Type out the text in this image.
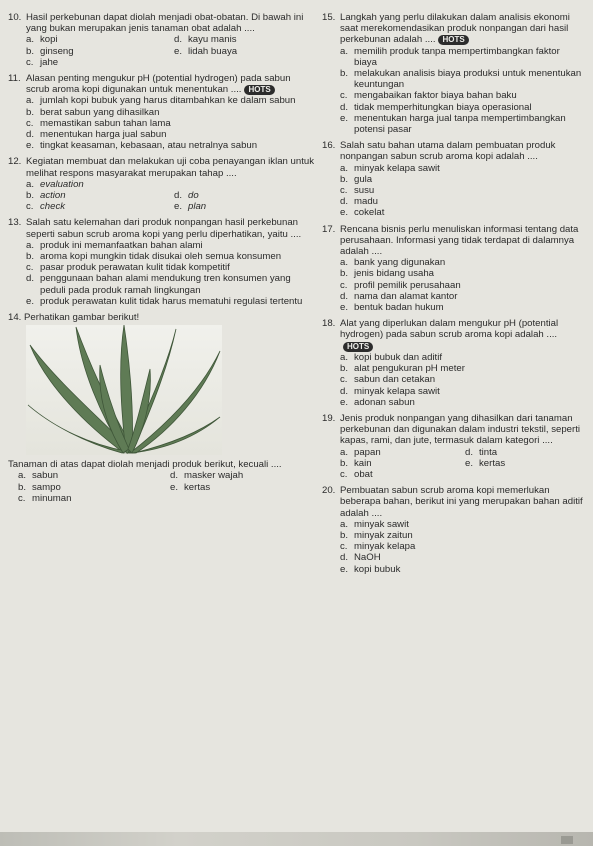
10. Hasil perkebunan dapat diolah menjadi obat-obatan. Di bawah ini yang bukan merupakan jenis tanaman obat adalah ....

a. kopi	d. kayu manis
b. ginseng	e. lidah buaya
c. jahe
11. Alasan penting mengukur pH (potential hydrogen) pada sabun scrub aroma kopi digunakan untuk menentukan .... HOTS

a. jumlah kopi bubuk yang harus ditambahkan ke dalam sabun
b. berat sabun yang dihasilkan
c. memastikan sabun tahan lama
d. menentukan harga jual sabun
e. tingkat keasaman, kebasaan, atau netralnya sabun
12. Kegiatan membuat dan melakukan uji coba penayangan iklan untuk melihat respons masyarakat merupakan tahap ....

a. evaluation
b. action	d. do
c. check	e. plan
13. Salah satu kelemahan dari produk nonpangan hasil perkebunan seperti sabun scrub aroma kopi yang perlu diperhatikan, yaitu ....

a. produk ini memanfaatkan bahan alami
b. aroma kopi mungkin tidak disukai oleh semua konsumen
c. pasar produk perawatan kulit tidak kompetitif
d. penggunaan bahan alami mendukung tren konsumen yang peduli pada produk ramah lingkungan
e. produk perawatan kulit tidak harus mematuhi regulasi tertentu

14. Perhatikan gambar berikut!

Tanaman di atas dapat diolah menjadi produk berikut, kecuali ....

a. sabun	d. masker wajah
b. sampo	e. kertas
c. minuman
15. Langkah yang perlu dilakukan dalam analisis ekonomi saat merekomendasikan produk nonpangan dari hasil perkebunan adalah .... HOTS

a. memilih produk tanpa mempertimbangkan faktor biaya
b. melakukan analisis biaya produksi untuk menentukan keuntungan
c. mengabaikan faktor biaya bahan baku
d. tidak memperhitungkan biaya operasional
e. menentukan harga jual tanpa mempertimbangkan potensi pasar
16. Salah satu bahan utama dalam pembuatan produk nonpangan sabun scrub aroma kopi adalah ....

a. minyak kelapa sawit
b. gula
c. susu
d. madu
e. cokelat
17. Rencana bisnis perlu menuliskan informasi tentang data perusahaan. Informasi yang tidak terdapat di dalamnya adalah ....

a. bank yang digunakan
b. jenis bidang usaha
c. profil pemilik perusahaan
d. nama dan alamat kantor
e. bentuk badan hukum
18. Alat yang diperlukan dalam mengukur pH (potential hydrogen) pada sabun scrub aroma kopi adalah ....HOTS

a. kopi bubuk dan aditif
b. alat pengukuran pH meter
c. sabun dan cetakan
d. minyak kelapa sawit
e. adonan sabun
19. Jenis produk nonpangan yang dihasilkan dari tanaman perkebunan dan digunakan dalam industri tekstil, seperti kapas, rami, dan jute, termasuk dalam kategori ....

a. papan	d. tinta
b. kain	e. kertas
c. obat
20. Pembuatan sabun scrub aroma kopi memerlukan beberapa bahan, berikut ini yang merupakan bahan aditif adalah ....

a. minyak sawit
b. minyak zaitun
c. minyak kelapa
d. NaOH
e. kopi bubuk
